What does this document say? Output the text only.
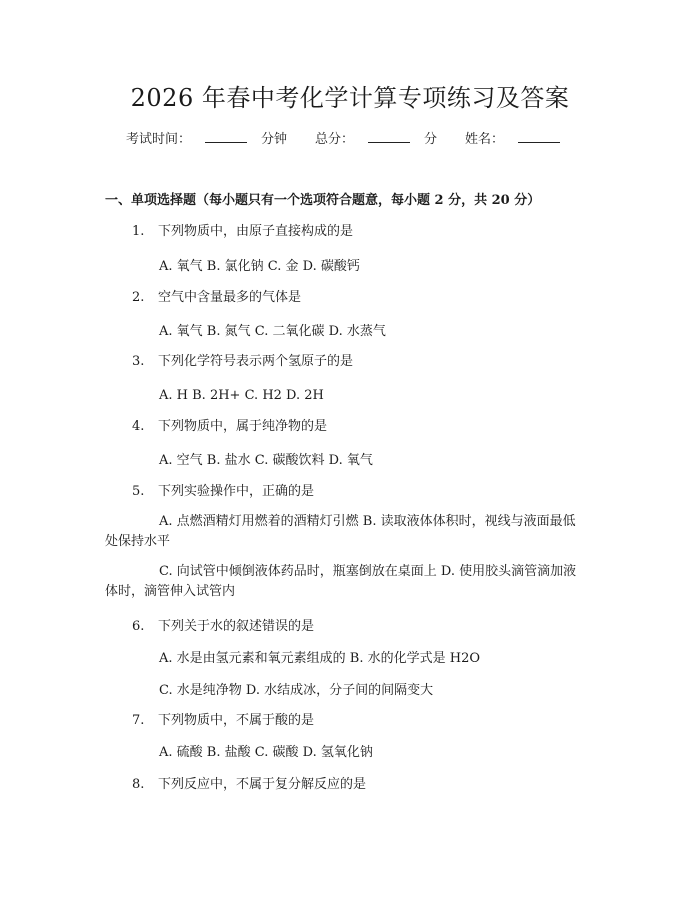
2026 年春中考化学计算专项练习及答案
考试时间：	分钟 总分：	分 姓名：
一、单项选择题（每小题只有一个选项符合题意，每小题 2 分，共 20 分）
1. 下列物质中，由原子直接构成的是
A. 氧气 B. 氯化钠 C. 金 D. 碳酸钙
2. 空气中含量最多的气体是
A. 氧气 B. 氮气 C. 二氧化碳 D. 水蒸气
3. 下列化学符号表示两个氢原子的是
A. H B. 2H+ C. H2 D. 2H
4. 下列物质中，属于纯净物的是
A. 空气 B. 盐水 C. 碳酸饮料 D. 氧气
5. 下列实验操作中，正确的是
A. 点燃酒精灯用燃着的酒精灯引燃 B. 读取液体体积时，视线与液面最低处保持水平
C. 向试管中倾倒液体药品时，瓶塞倒放在桌面上 D. 使用胶头滴管滴加液体时，滴管伸入试管内
6. 下列关于水的叙述错误的是
A. 水是由氢元素和氧元素组成的 B. 水的化学式是 H2O
C. 水是纯净物 D. 水结成冰，分子间的间隔变大
7. 下列物质中，不属于酸的是
A. 硫酸 B. 盐酸 C. 碳酸 D. 氢氧化钠
8. 下列反应中，不属于复分解反应的是
